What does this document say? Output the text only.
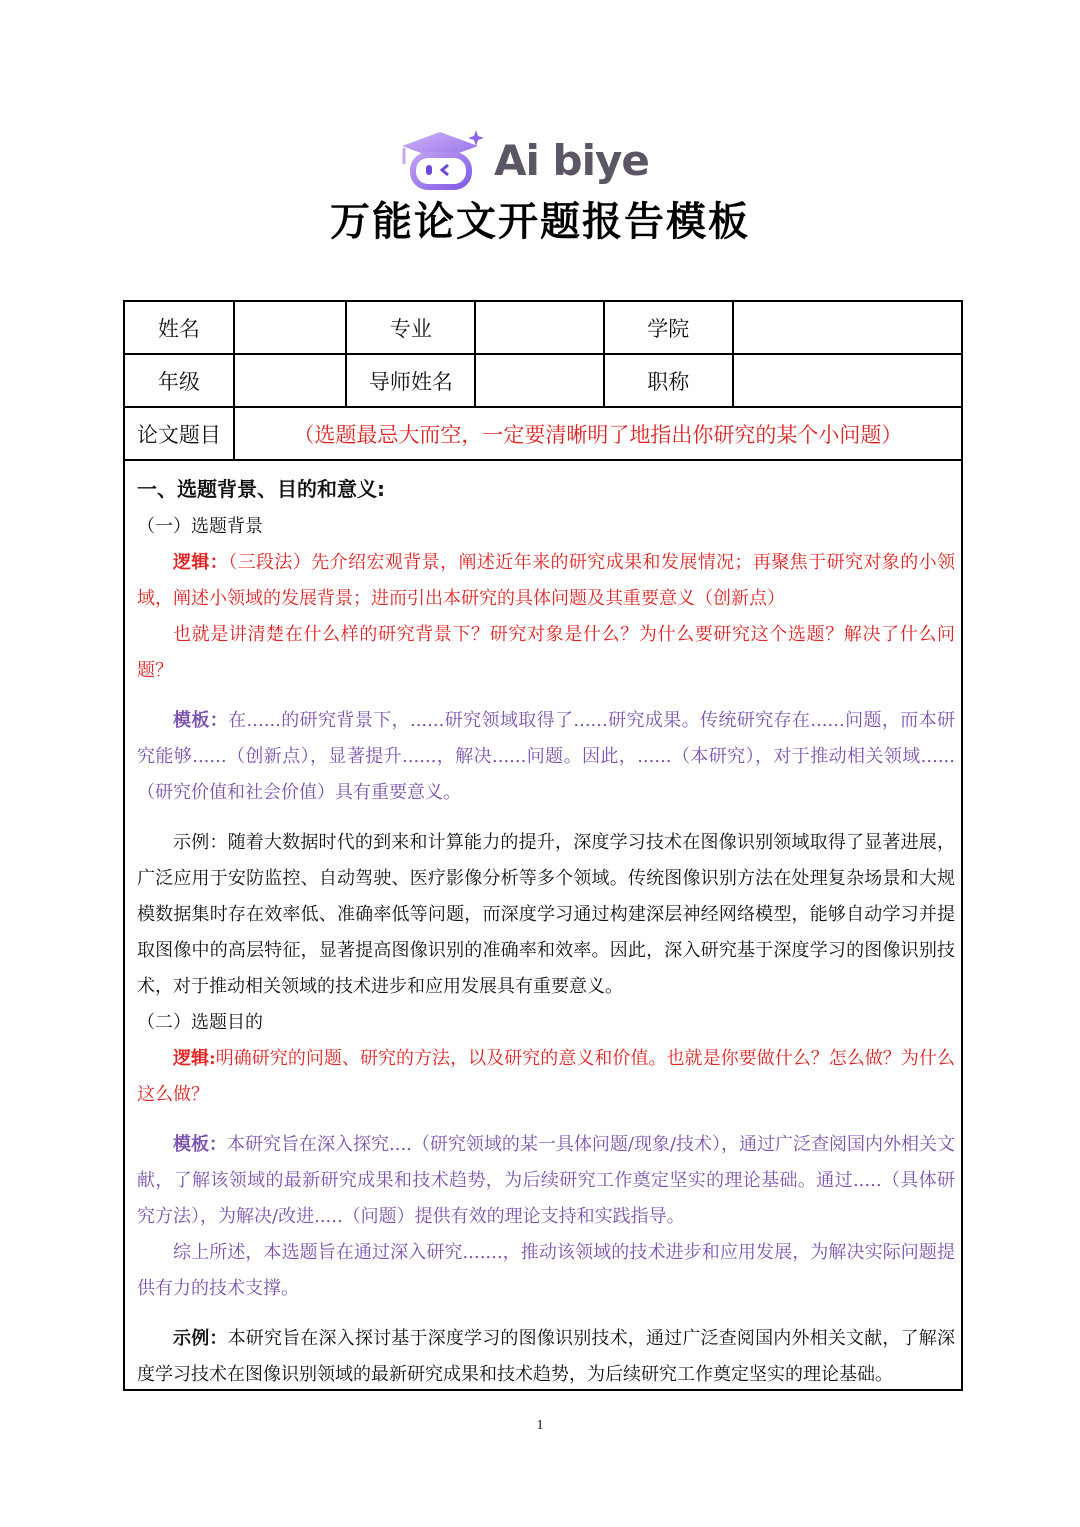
Ai biye
万能论文开题报告模板
姓名		专业		学院	
年级		导师姓名		职称	
论文题目	（选题最忌大而空，一定要清晰明了地指出你研究的某个小问题）				

一、选题背景、目的和意义:

（一）选题背景

逻辑：（三段法）先介绍宏观背景，阐述近年来的研究成果和发展情况；再聚焦于研究对象的小领域，阐述小领域的发展背景；进而引出本研究的具体问题及其重要意义（创新点）

也就是讲清楚在什么样的研究背景下？研究对象是什么？为什么要研究这个选题？解决了什么问题？

模板：在......的研究背景下，......研究领域取得了......研究成果。传统研究存在......问题，而本研究能够......（创新点），显著提升......，解决......问题。因此，......（本研究），对于推动相关领域......（研究价值和社会价值）具有重要意义。

示例：随着大数据时代的到来和计算能力的提升，深度学习技术在图像识别领域取得了显著进展，广泛应用于安防监控、自动驾驶、医疗影像分析等多个领域。传统图像识别方法在处理复杂场景和大规模数据集时存在效率低、准确率低等问题，而深度学习通过构建深层神经网络模型，能够自动学习并提取图像中的高层特征，显著提高图像识别的准确率和效率。因此，深入研究基于深度学习的图像识别技术，对于推动相关领域的技术进步和应用发展具有重要意义。

（二）选题目的

逻辑:明确研究的问题、研究的方法，以及研究的意义和价值。也就是你要做什么？怎么做？为什么这么做？

模板：本研究旨在深入探究....（研究领域的某一具体问题/现象/技术），通过广泛查阅国内外相关文献，了解该领域的最新研究成果和技术趋势，为后续研究工作奠定坚实的理论基础。通过.....（具体研究方法），为解决/改进.....（问题）提供有效的理论支持和实践指导。

综上所述，本选题旨在通过深入研究.......，推动该领域的技术进步和应用发展，为解决实际问题提供有力的技术支撑。

示例：本研究旨在深入探讨基于深度学习的图像识别技术，通过广泛查阅国内外相关文献，了解深度学习技术在图像识别领域的最新研究成果和技术趋势，为后续研究工作奠定坚实的理论基础。

1
